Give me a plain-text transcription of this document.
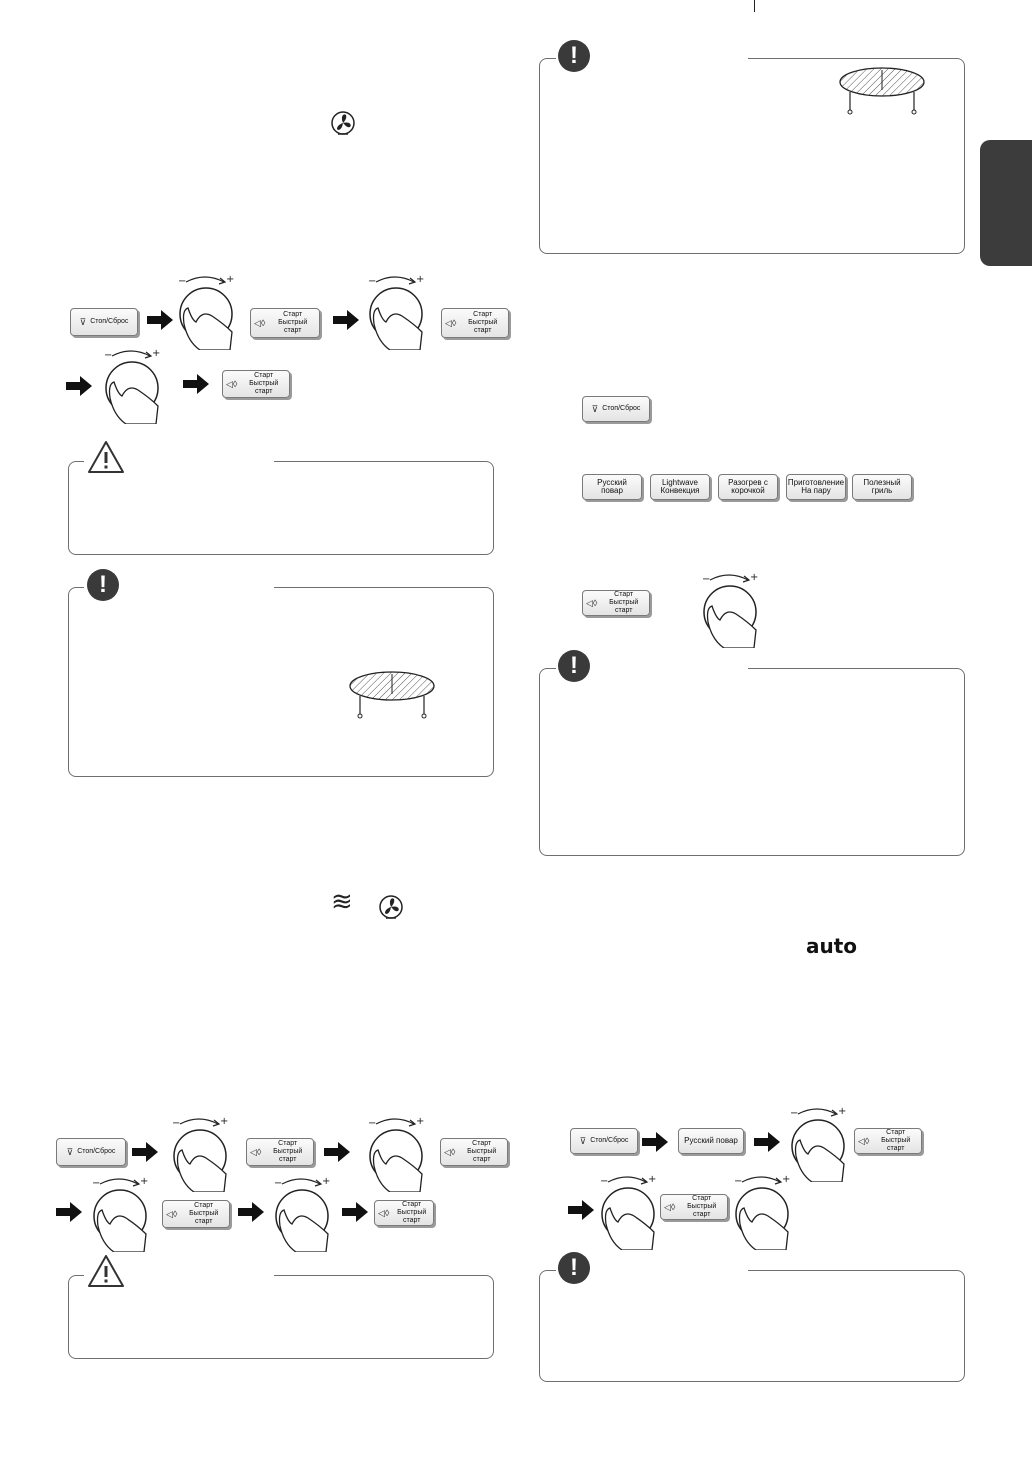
⊽ Стоп/Сброс
−	+
◁◊
Старт
Быстрый старт
−	+
◁◊
Старт
Быстрый старт
−	+
◁◊
Старт
Быстрый старт
!
≋
⊽ Стоп/Сброс
−	+
◁◊
Старт
Быстрый старт
−	+
◁◊
Старт
Быстрый старт
−	+
◁◊
Старт
Быстрый старт
−	+
◁◊
Старт
Быстрый старт
!
⊽ Стоп/Сброс
Русский повар
Lightwave
Конвекция
Разогрев с
корочкой
Приготовление
На пару
Полезный
гриль
◁◊
Старт
Быстрый старт
−	+
!
auto
⊽ Стоп/Сброс	Русский повар
−	+
◁◊
Старт
Быстрый старт
−	+
◁◊
Старт
Быстрый старт
−	+
!
